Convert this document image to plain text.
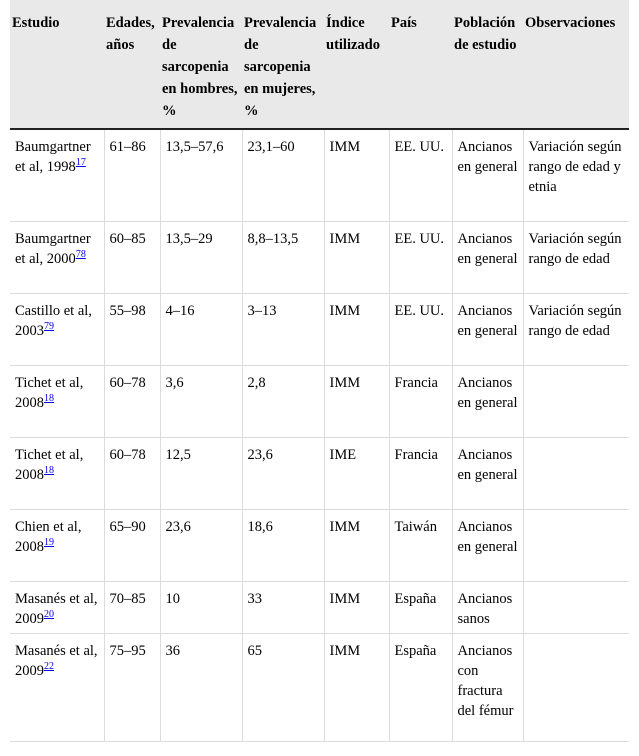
Estudio	Edades, años	Prevalencia de sarcopenia en hombres, %	Prevalencia de sarcopenia en mujeres, %	Índice utilizado	País	Población de estudio	Observaciones

Baumgartner et al, 1998$^{17}$	61–86	13,5–57,6	23,1–60	IMM	EE. UU.	Ancianos en general	Variación según rango de edad y etnia
Baumgartner et al, 2000$^{78}$	60–85	13,5–29	8,8–13,5	IMM	EE. UU.	Ancianos en general	Variación según rango de edad
Castillo et al, 2003$^{79}$	55–98	4–16	3–13	IMM	EE. UU.	Ancianos en general	Variación según rango de edad
Tichet et al, 2008$^{18}$	60–78	3,6	2,8	IMM	Francia	Ancianos en general	
Tichet et al, 2008$^{18}$	60–78	12,5	23,6	IME	Francia	Ancianos en general	
Chien et al, 2008$^{19}$	65–90	23,6	18,6	IMM	Taiwán	Ancianos en general	
Masanés et al, 2009$^{20}$	70–85	10	33	IMM	España	Ancianos sanos	
Masanés et al, 2009$^{22}$	75–95	36	65	IMM	España	Ancianos con fractura del fémur	
